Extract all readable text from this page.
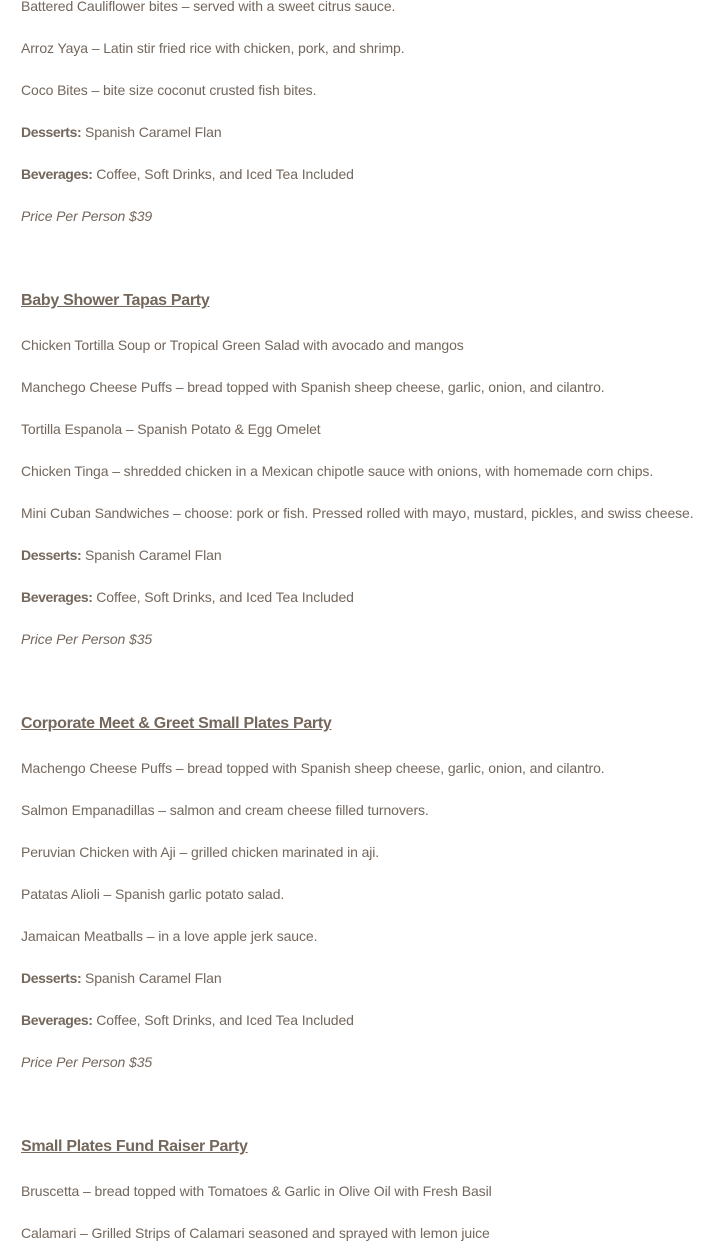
Battered Cauliflower bites – served with a sweet citrus sauce.
Arroz Yaya – Latin stir fried rice with chicken, pork, and shrimp.
Coco Bites – bite size coconut crusted fish bites.
Desserts: Spanish Caramel Flan
Beverages: Coffee, Soft Drinks, and Iced Tea Included
Price Per Person $39
Baby Shower Tapas Party
Chicken Tortilla Soup or Tropical Green Salad with avocado and mangos
Manchego Cheese Puffs – bread topped with Spanish sheep cheese, garlic, onion, and cilantro.
Tortilla Espanola – Spanish Potato & Egg Omelet
Chicken Tinga – shredded chicken in a Mexican chipotle sauce with onions, with homemade corn chips.
Mini Cuban Sandwiches – choose: pork or fish. Pressed rolled with mayo, mustard, pickles, and swiss cheese.
Desserts: Spanish Caramel Flan
Beverages: Coffee, Soft Drinks, and Iced Tea Included
Price Per Person $35
Corporate Meet & Greet Small Plates Party
Machengo Cheese Puffs – bread topped with Spanish sheep cheese, garlic, onion, and cilantro.
Salmon Empanadillas – salmon and cream cheese filled turnovers.
Peruvian Chicken with Aji – grilled chicken marinated in aji.
Patatas Alioli – Spanish garlic potato salad.
Jamaican Meatballs – in a love apple jerk sauce.
Desserts: Spanish Caramel Flan
Beverages: Coffee, Soft Drinks, and Iced Tea Included
Price Per Person $35
Small Plates Fund Raiser Party
Bruscetta – bread topped with Tomatoes & Garlic in Olive Oil with Fresh Basil
Calamari – Grilled Strips of Calamari seasoned and sprayed with lemon juice
